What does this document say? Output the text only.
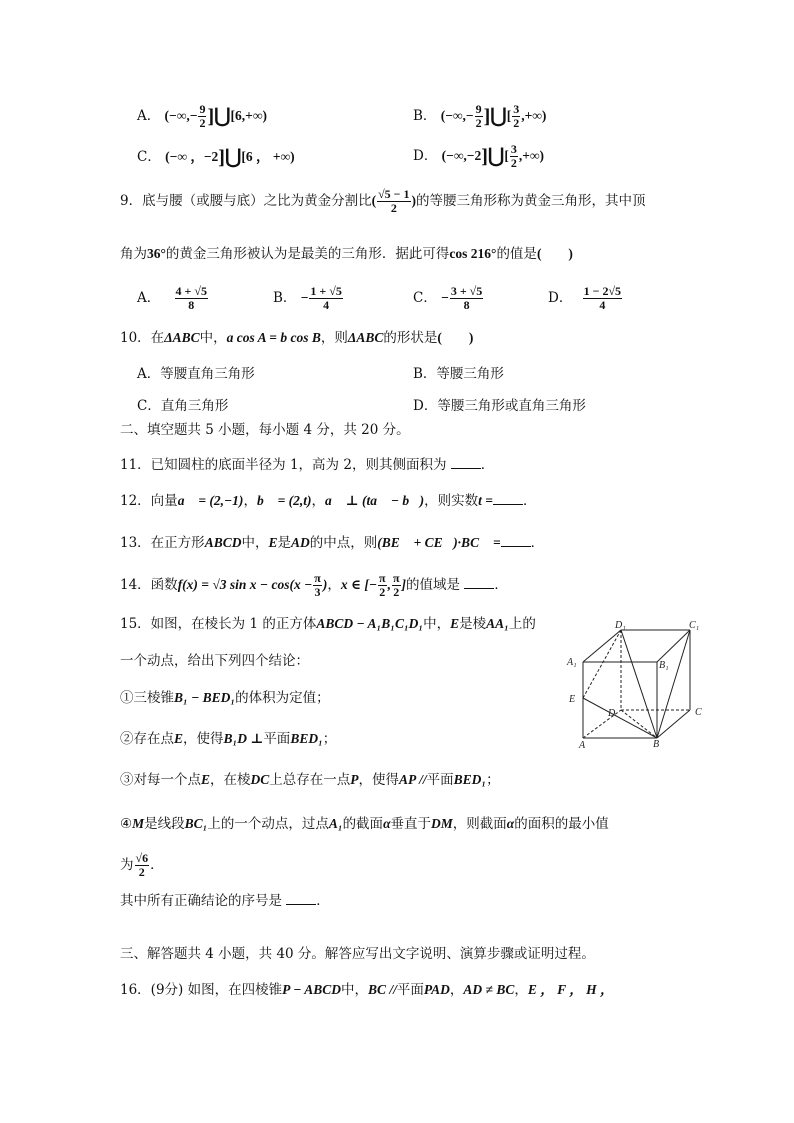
A． (−∞,− $\frac{9}{2}$ ]⋃[6,+∞)	B． (−∞,− $\frac{9}{2}$ ]⋃[ $\frac{3}{2}$ ,+∞)
C． (−∞ ，−2]⋃[6 ， +∞)	D． (−∞,−2]⋃[ $\frac{3}{2}$ ,+∞)
9．底与腰（或腰与底）之比为黄金分割比( $\frac{√5 - 1}{2}$ )的等腰三角形称为黄金三角形，其中顶
角为36°的黄金三角形被认为是最美的三角形．据此可得cos 216°的值是(　　)
A． $\frac{4 + √5}{8}$	B． − $\frac{1 + √5}{4}$	C． − $\frac{3 + √5}{8}$	D． $\frac{1 - 2√5}{4}$
10．在ΔABC中，a cos A = b cos B，则ΔABC的形状是(　　)
A．等腰直角三角形	B．等腰三角形
C．直角三角形	D．等腰三角形或直角三角形
二、填空题共 5 小题，每小题 4 分，共 20 分。
11．已知圆柱的底面半径为 1，高为 2，则其侧面积为	．
12．向量a⃗ = (2,−1)，b⃗ = (2,t)，a⃗ ⊥ (ta⃗ − b⃗)，则实数t = ．
13．在正方形ABCD中，E是AD的中点，则(BE⃗ + CE⃗)·BC⃗ = ．
14．函数f(x) = √3 $\sin x - \cos(x - \frac{\pi}{3}$ )，x ∈ [− $\frac{\pi}{2}$ , $\frac{\pi}{2}$ ]的值域是	．
15．如图，在棱长为 1 的正方体ABCD − A₁B₁C₁D₁中，E是棱AA₁上的
一个动点，给出下列四个结论：
①三棱锥B₁ − BED₁的体积为定值；
②存在点E，使得B₁D ⊥平面BED₁；
③对每一个点E，在棱DC上总存在一点P，使得AP //平面BED₁；
④M是线段BC₁上的一个动点，过点A₁的截面α垂直于DM，则截面α的面积的最小值
为 $\frac{√6}{2}$ ．
其中所有正确结论的序号是	．
D₁	C₁
A₁	B₁
E
D	C
A	B
三、解答题共 4 小题，共 40 分。解答应写出文字说明、演算步骤或证明过程。
16．(9分) 如图，在四棱锥P − ABCD中，BC //平面PAD，AD ≠ BC，E ， F ， H ，
